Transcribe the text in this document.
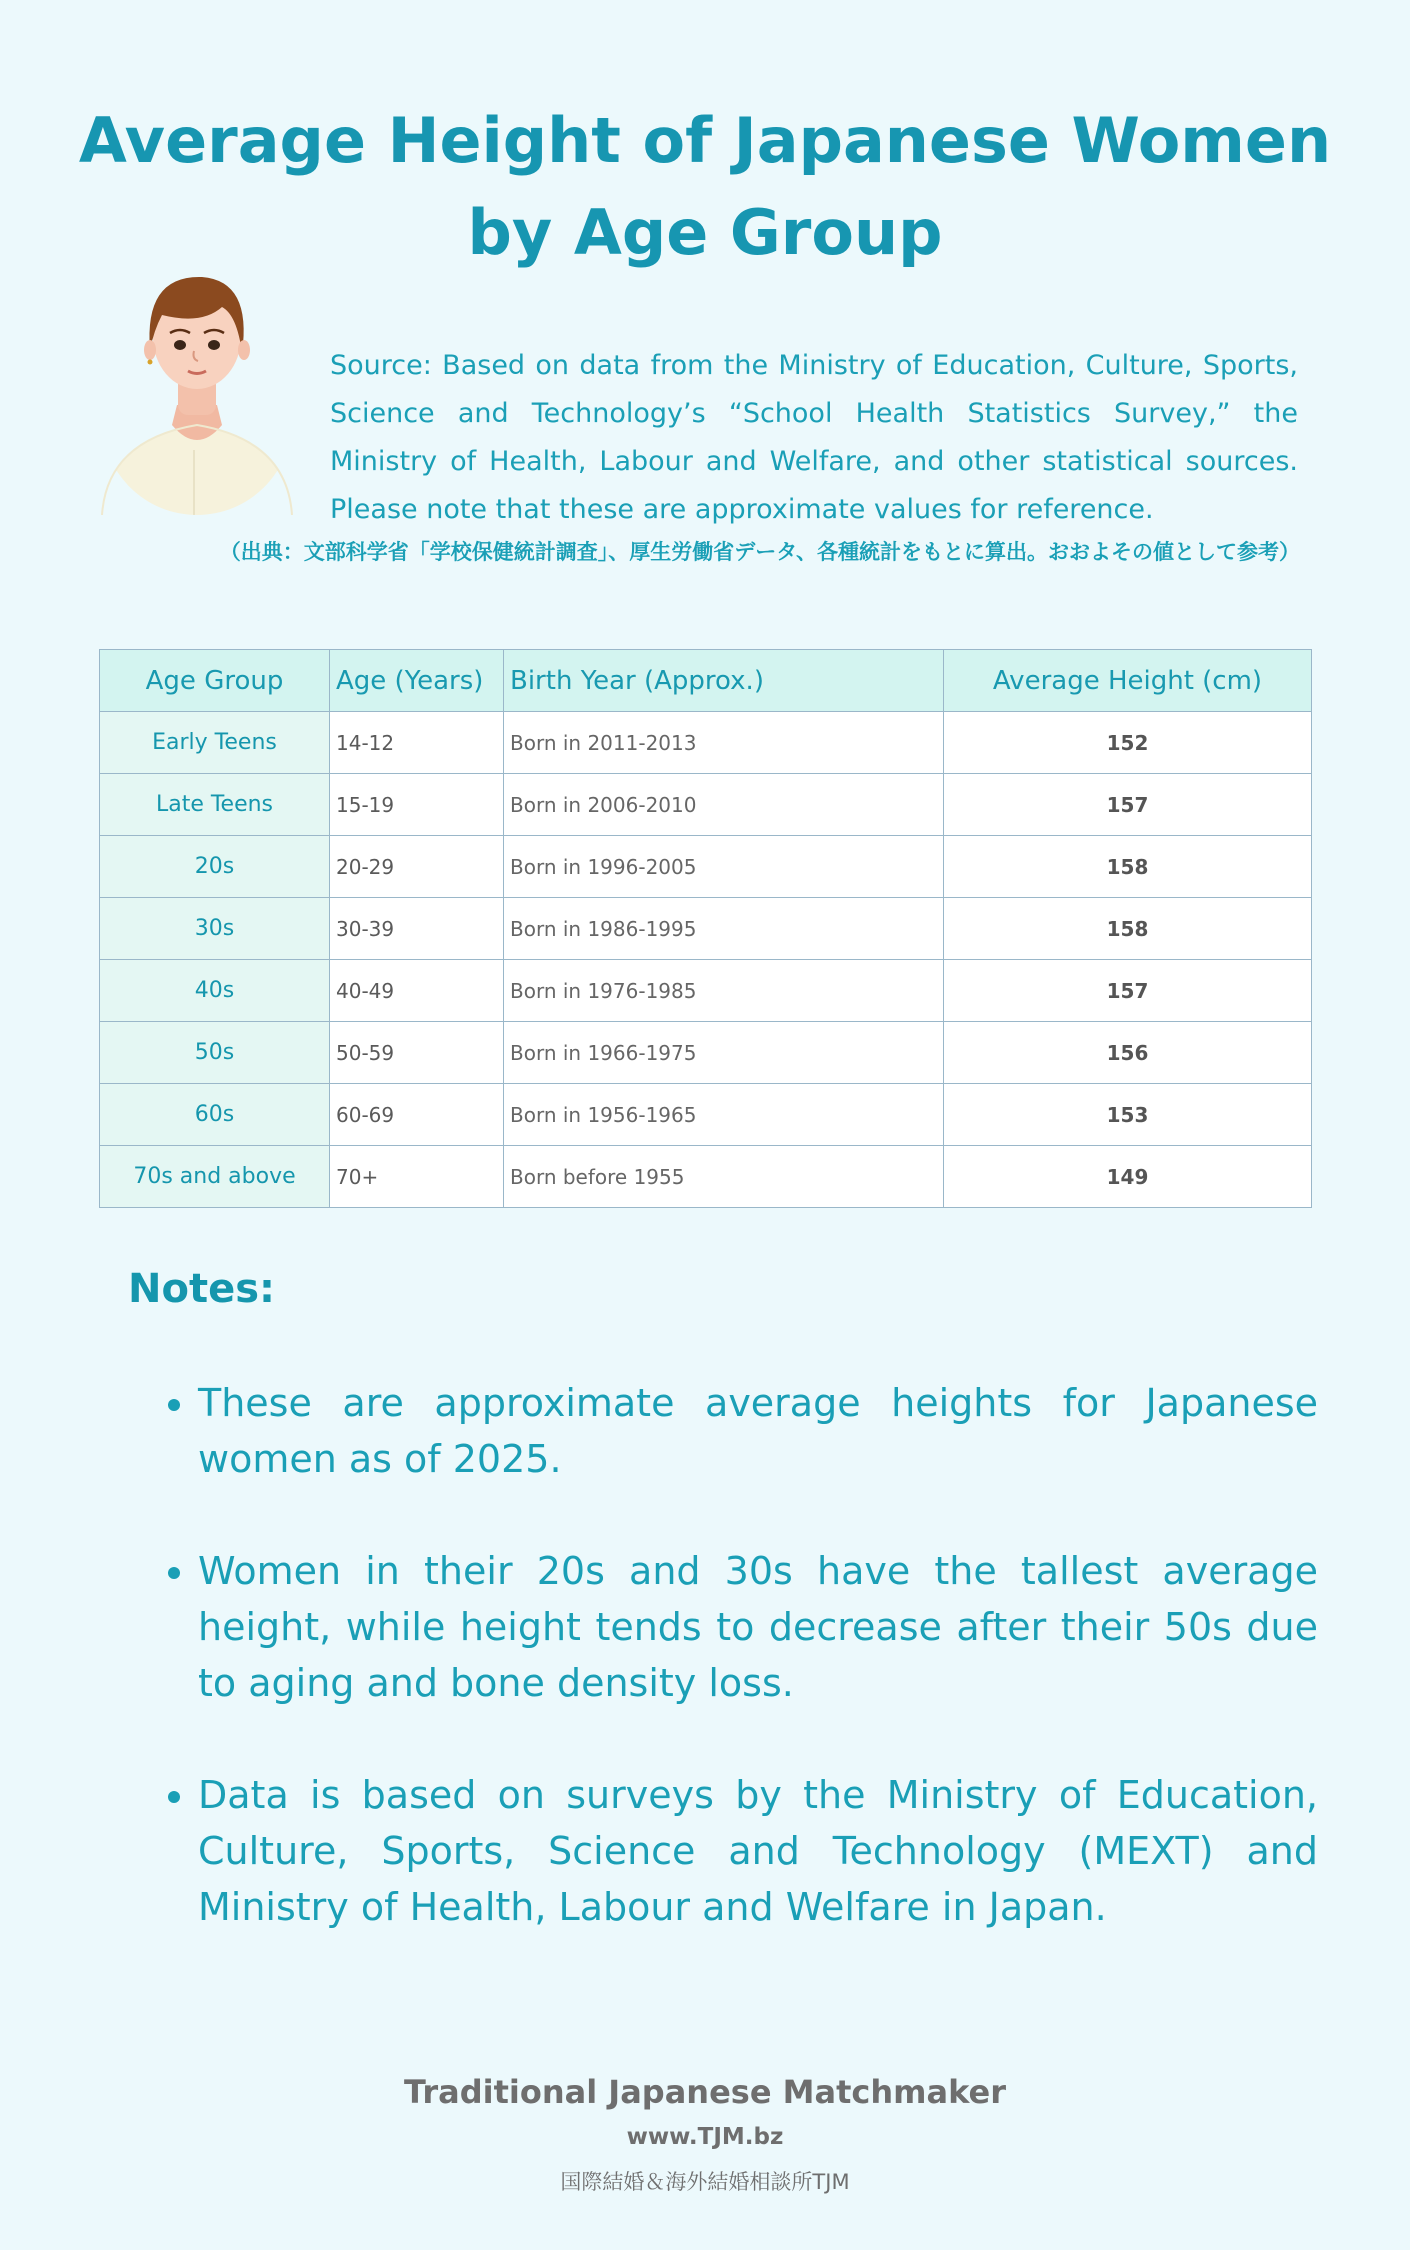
Average Height of Japanese Women
by Age Group

Source: Based on data from the Ministry of Education, Culture, Sports, Science and Technology’s “School Health Statistics Survey,” the Ministry of Health, Labour and Welfare, and other statistical sources. Please note that these are approximate values for reference.

（出典：文部科学省「学校保健統計調査」、厚生労働省データ、各種統計をもとに算出。おおよその値として参考）
Age Group	Age (Years)	Birth Year (Approx.)	Average Height (cm)
Early Teens	14-12	Born in 2011-2013	152
Late Teens	15-19	Born in 2006-2010	157
20s	20-29	Born in 1996-2005	158
30s	30-39	Born in 1986-1995	158
40s	40-49	Born in 1976-1985	157
50s	50-59	Born in 1966-1975	156
60s	60-69	Born in 1956-1965	153
70s and above	70+	Born before 1955	149
Notes:
• These are approximate average heights for Japanese women as of 2025.
• Women in their 20s and 30s have the tallest average height, while height tends to decrease after their 50s due to aging and bone density loss.
• Data is based on surveys by the Ministry of Education, Culture, Sports, Science and Technology (MEXT) and Ministry of Health, Labour and Welfare in Japan.
Traditional Japanese Matchmaker
www.TJM.bz
国際結婚＆海外結婚相談所TJM
